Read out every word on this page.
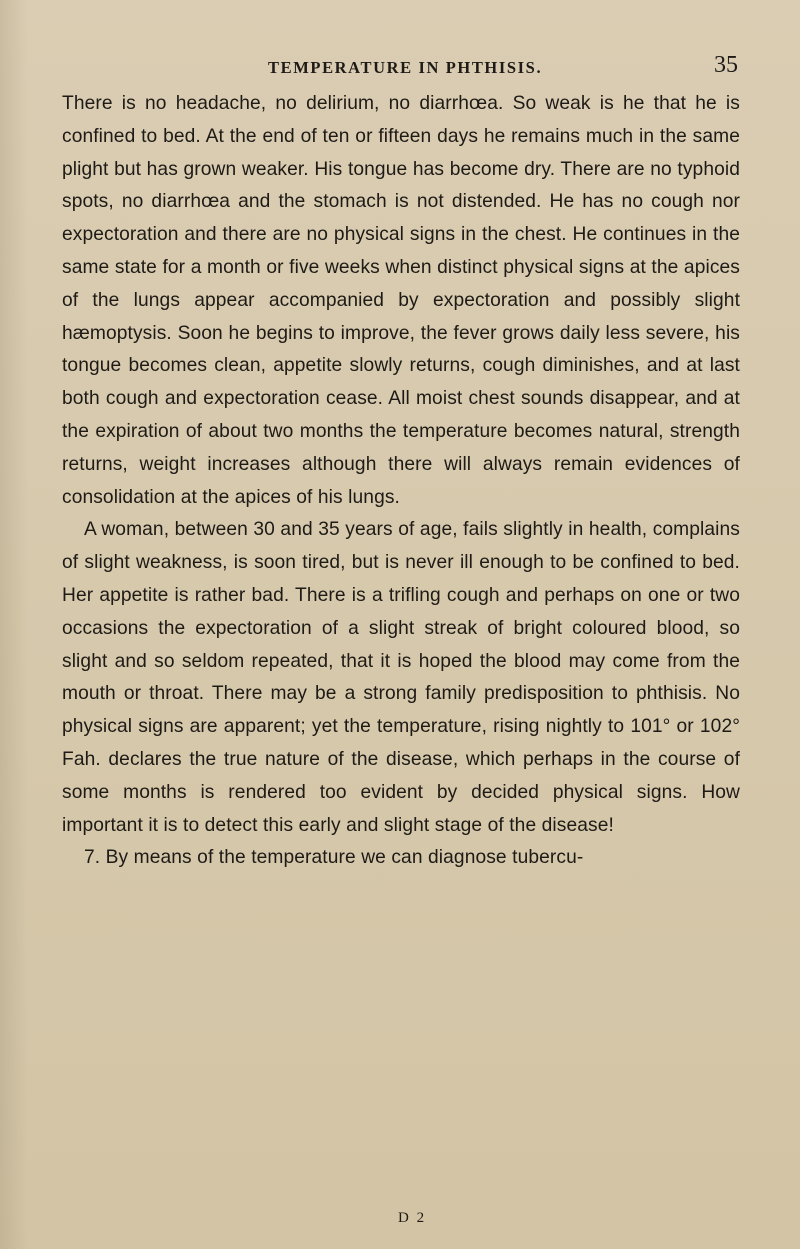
TEMPERATURE IN PHTHISIS.	35

There is no headache, no delirium, no diarrhœa. So weak is he that he is confined to bed. At the end of ten or fifteen days he remains much in the same plight but has grown weaker. His tongue has become dry. There are no typhoid spots, no diarrhœa and the stomach is not distended. He has no cough nor expectoration and there are no physical signs in the chest. He continues in the same state for a month or five weeks when distinct physical signs at the apices of the lungs appear accompanied by expectoration and possibly slight hæmoptysis. Soon he begins to improve, the fever grows daily less severe, his tongue becomes clean, appetite slowly returns, cough diminishes, and at last both cough and expectoration cease. All moist chest sounds disappear, and at the expiration of about two months the temperature becomes natural, strength returns, weight increases although there will always remain evidences of consolidation at the apices of his lungs.

A woman, between 30 and 35 years of age, fails slightly in health, complains of slight weakness, is soon tired, but is never ill enough to be confined to bed. Her appetite is rather bad. There is a trifling cough and perhaps on one or two occasions the expectoration of a slight streak of bright coloured blood, so slight and so seldom repeated, that it is hoped the blood may come from the mouth or throat. There may be a strong family predisposition to phthisis. No physical signs are apparent; yet the temperature, rising nightly to 101° or 102° Fah. declares the true nature of the disease, which perhaps in the course of some months is rendered too evident by decided physical signs. How important it is to detect this early and slight stage of the disease!

7. By means of the temperature we can diagnose tubercu-

D 2
